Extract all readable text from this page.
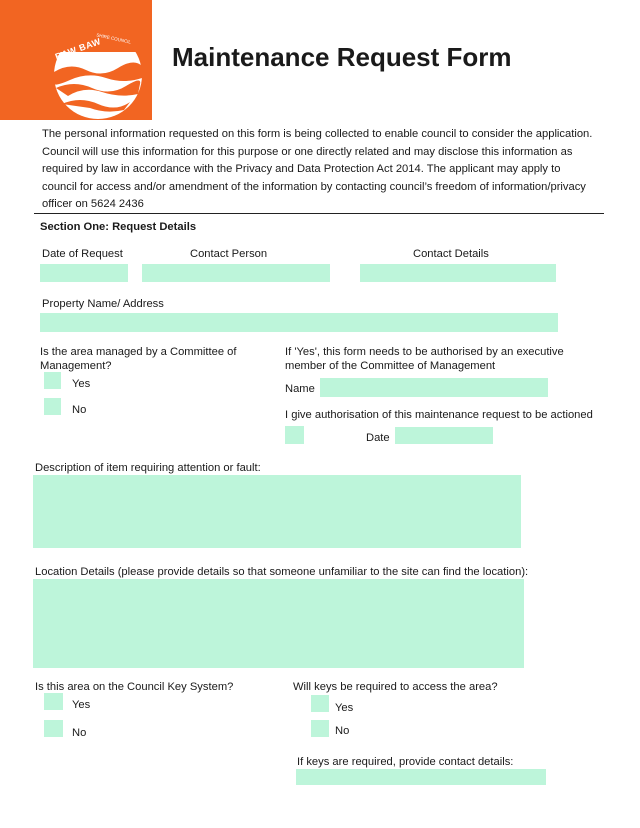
BAW BAW
SHIRE COUNCIL
Maintenance Request Form
The personal information requested on this form is being collected to enable council to consider the application. Council will use this information for this purpose or one directly related and may disclose this information as required by law in accordance with the Privacy and Data Protection Act 2014. The applicant may apply to council for access and/or amendment of the information by contacting council’s freedom of information/privacy officer on 5624 2436
Section One: Request Details
Date of Request	Contact Person	Contact Details
Property Name/ Address
Is the area managed by a Committee of Management?
Yes
No
If 'Yes', this form needs to be authorised by an executive member of the Committee of Management
Name
I give authorisation of this maintenance request to be actioned
Date
Description of item requiring attention or fault:
Location Details (please provide details so that someone unfamiliar to the site can find the location):
Is this area on the Council Key System?
Yes
No
Will keys be required to access the area?
Yes
No
If keys are required, provide contact details:
